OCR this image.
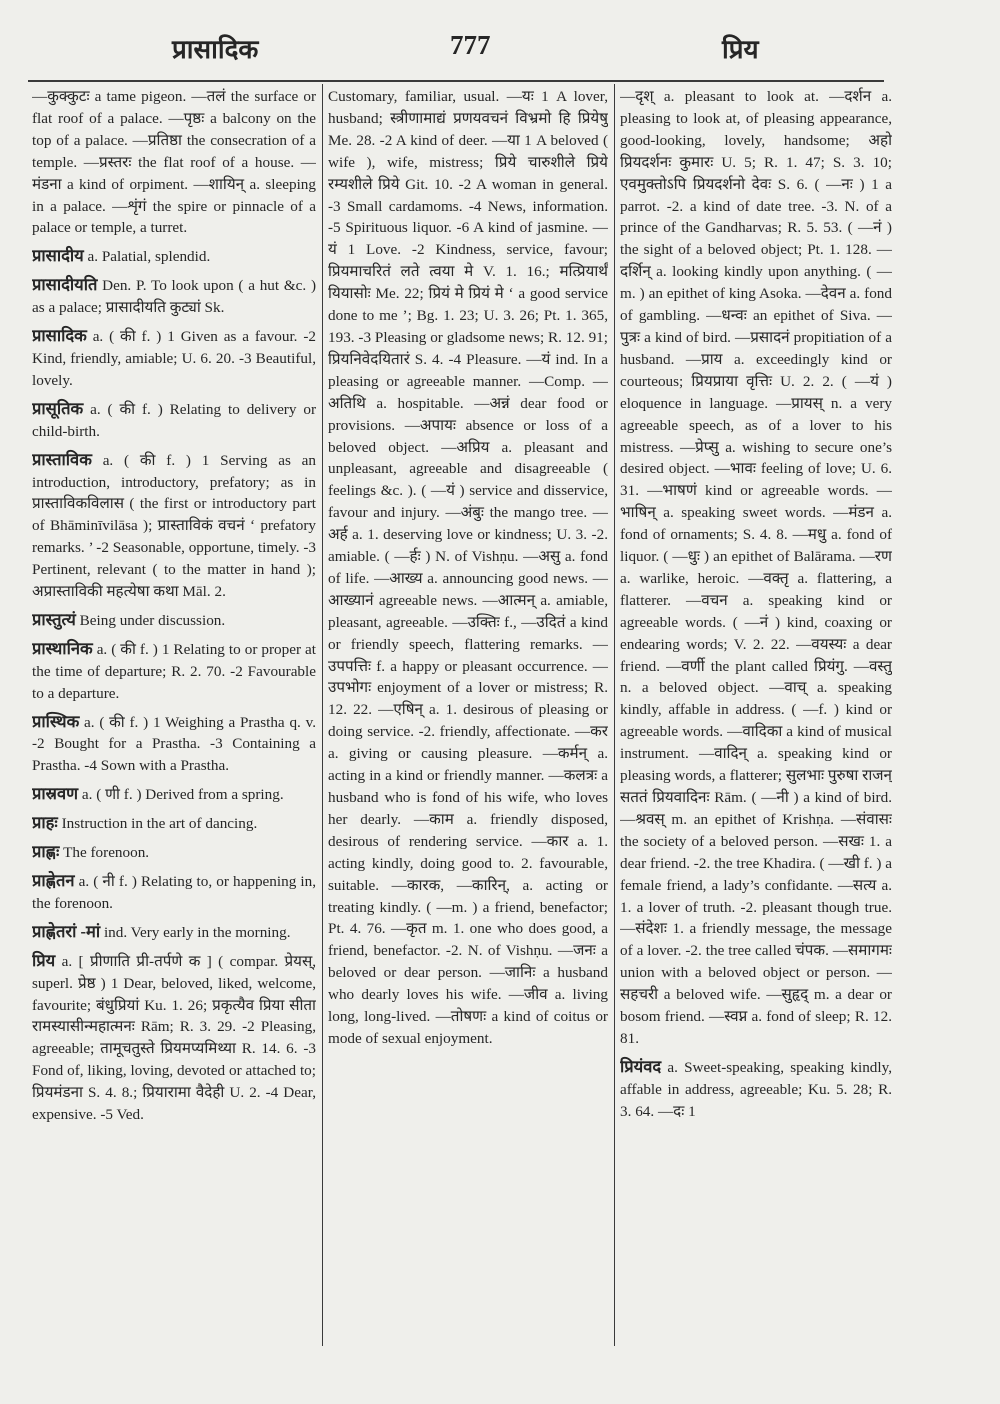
प्रासादिक	777	प्रिय

—कुक्कुटः a tame pigeon. —तलं the surface or flat roof of a palace. —पृष्ठः a balcony on the top of a palace. —प्रतिष्ठा the consecration of a temple. —प्रस्तरः the flat roof of a house. —मंडना a kind of orpiment. —शायिन् a. sleeping in a palace. —शृंगं the spire or pinnacle of a palace or temple, a turret.

प्रासादीय a. Palatial, splendid.

प्रासादीयति Den. P. To look upon ( a hut &c. ) as a palace; प्रासादीयति कुट्यां Sk.

प्रासादिक a. ( की f. ) 1 Given as a favour. -2 Kind, friendly, amiable; U. 6. 20. -3 Beautiful, lovely.

प्रासूतिक a. ( की f. ) Relating to delivery or child-birth.

प्रास्ताविक a. ( की f. ) 1 Serving as an introduction, introductory, prefatory; as in प्रास्ताविकविलास ( the first or introductory part of Bhāminīvilāsa ); प्रास्ताविकं वचनं ‘ prefatory remarks. ’ -2 Seasonable, opportune, timely. -3 Pertinent, relevant ( to the matter in hand ); अप्रास्ताविकी महत्येषा कथा Māl. 2.

प्रास्तुत्यं Being under discussion.

प्रास्थानिक a. ( की f. ) 1 Relating to or proper at the time of departure; R. 2. 70. -2 Favourable to a departure.

प्रास्थिक a. ( की f. ) 1 Weighing a Prastha q. v. -2 Bought for a Prastha. -3 Containing a Prastha. -4 Sown with a Prastha.

प्रास्रवण a. ( णी f. ) Derived from a spring.

प्राहः Instruction in the art of dancing.

प्राह्णः The forenoon.

प्राह्णेतन a. ( नी f. ) Relating to, or happening in, the forenoon.

प्राह्णेतरां -मां ind. Very early in the morning.

प्रिय a. [ प्रीणाति प्री-तर्पणे क ] ( compar. प्रेयस्, superl. प्रेष्ठ ) 1 Dear, beloved, liked, welcome, favourite; बंधुप्रियां Ku. 1. 26; प्रकृत्यैव प्रिया सीता रामस्यासीन्महात्मनः Rām; R. 3. 29. -2 Pleasing, agreeable; तामूचतुस्ते प्रियमप्यमिथ्या R. 14. 6. -3 Fond of, liking, loving, devoted or attached to; प्रियमंडना S. 4. 8.; प्रियारामा वैदेही U. 2. -4 Dear, expensive. -5 Ved.

Customary, familiar, usual. —यः 1 A lover, husband; स्त्रीणामाद्यं प्रणयवचनं विभ्रमो हि प्रियेषु Me. 28. -2 A kind of deer. —या 1 A beloved ( wife ), wife, mistress; प्रिये चारुशीले प्रिये रम्यशीले प्रिये Git. 10. -2 A woman in general. -3 Small cardamoms. -4 News, information. -5 Spirituous liquor. -6 A kind of jasmine. —यं 1 Love. -2 Kindness, service, favour; प्रियमाचरितं लते त्वया मे V. 1. 16.; मत्प्रियार्थं यियासोः Me. 22; प्रियं मे प्रियं मे ‘ a good service done to me ’; Bg. 1. 23; U. 3. 26; Pt. 1. 365, 193. -3 Pleasing or gladsome news; R. 12. 91; प्रियनिवेदयितारं S. 4. -4 Pleasure. —यं ind. In a pleasing or agreeable manner. —Comp. —अतिथि a. hospitable. —अन्नं dear food or provisions. —अपायः absence or loss of a beloved object. —अप्रिय a. pleasant and unpleasant, agreeable and disagreeable ( feelings &c. ). ( —यं ) service and disservice, favour and injury. —अंबुः the mango tree. —अर्ह a. 1. deserving love or kindness; U. 3. -2. amiable. ( —र्हः ) N. of Vishṇu. —असु a. fond of life. —आख्य a. announcing good news. —आख्यानं agreeable news. —आत्मन् a. amiable, pleasant, agreeable. —उक्तिः f., —उदितं a kind or friendly speech, flattering remarks. —उपपत्तिः f. a happy or pleasant occurrence. —उपभोगः enjoyment of a lover or mistress; R. 12. 22. —एषिन् a. 1. desirous of pleasing or doing service. -2. friendly, affectionate. —कर a. giving or causing pleasure. —कर्मन् a. acting in a kind or friendly manner. —कलत्रः a husband who is fond of his wife, who loves her dearly. —काम a. friendly disposed, desirous of rendering service. —कार a. 1. acting kindly, doing good to. 2. favourable, suitable. —कारक, —कारिन्, a. acting or treating kindly. ( —m. ) a friend, benefactor; Pt. 4. 76. —कृत m. 1. one who does good, a friend, benefactor. -2. N. of Vishṇu. —जनः a beloved or dear person. —जानिः a husband who dearly loves his wife. —जीव a. living long, long-lived. —तोषणः a kind of coitus or mode of sexual enjoyment.

—दृश् a. pleasant to look at. —दर्शन a. pleasing to look at, of pleasing appearance, good-looking, lovely, handsome; अहो प्रियदर्शनः कुमारः U. 5; R. 1. 47; S. 3. 10; एवमुक्तोऽपि प्रियदर्शनो देवः S. 6. ( —नः ) 1 a parrot. -2. a kind of date tree. -3. N. of a prince of the Gandharvas; R. 5. 53. ( —नं ) the sight of a beloved object; Pt. 1. 128. —दर्शिन् a. looking kindly upon anything. ( —m. ) an epithet of king Asoka. —देवन a. fond of gambling. —धन्वः an epithet of Siva. —पुत्रः a kind of bird. —प्रसादनं propitiation of a husband. —प्राय a. exceedingly kind or courteous; प्रियप्राया वृत्तिः U. 2. 2. ( —यं ) eloquence in language. —प्रायस् n. a very agreeable speech, as of a lover to his mistress. —प्रेप्सु a. wishing to secure one’s desired object. —भावः feeling of love; U. 6. 31. —भाषणं kind or agreeable words. —भाषिन् a. speaking sweet words. —मंडन a. fond of ornaments; S. 4. 8. —मधु a. fond of liquor. ( —धुः ) an epithet of Balārama. —रण a. warlike, heroic. —वक्तृ a. flattering, a flatterer. —वचन a. speaking kind or agreeable words. ( —नं ) kind, coaxing or endearing words; V. 2. 22. —वयस्यः a dear friend. —वर्णी the plant called प्रियंगु. —वस्तु n. a beloved object. —वाच् a. speaking kindly, affable in address. ( —f. ) kind or agreeable words. —वादिका a kind of musical instrument. —वादिन् a. speaking kind or pleasing words, a flatterer; सुलभाः पुरुषा राजन् सततं प्रियवादिनः Rām. ( —नी ) a kind of bird. —श्रवस् m. an epithet of Krishṇa. —संवासः the society of a beloved person. —सखः 1. a dear friend. -2. the tree Khadira. ( —खी f. ) a female friend, a lady’s confidante. —सत्य a. 1. a lover of truth. -2. pleasant though true. —संदेशः 1. a friendly message, the message of a lover. -2. the tree called चंपक. —समागमः union with a beloved object or person. —सहचरी a beloved wife. —सुहृद् m. a dear or bosom friend. —स्वप्न a. fond of sleep; R. 12. 81.

प्रियंवद a. Sweet-speaking, speaking kindly, affable in address, agreeable; Ku. 5. 28; R. 3. 64. —दः 1
